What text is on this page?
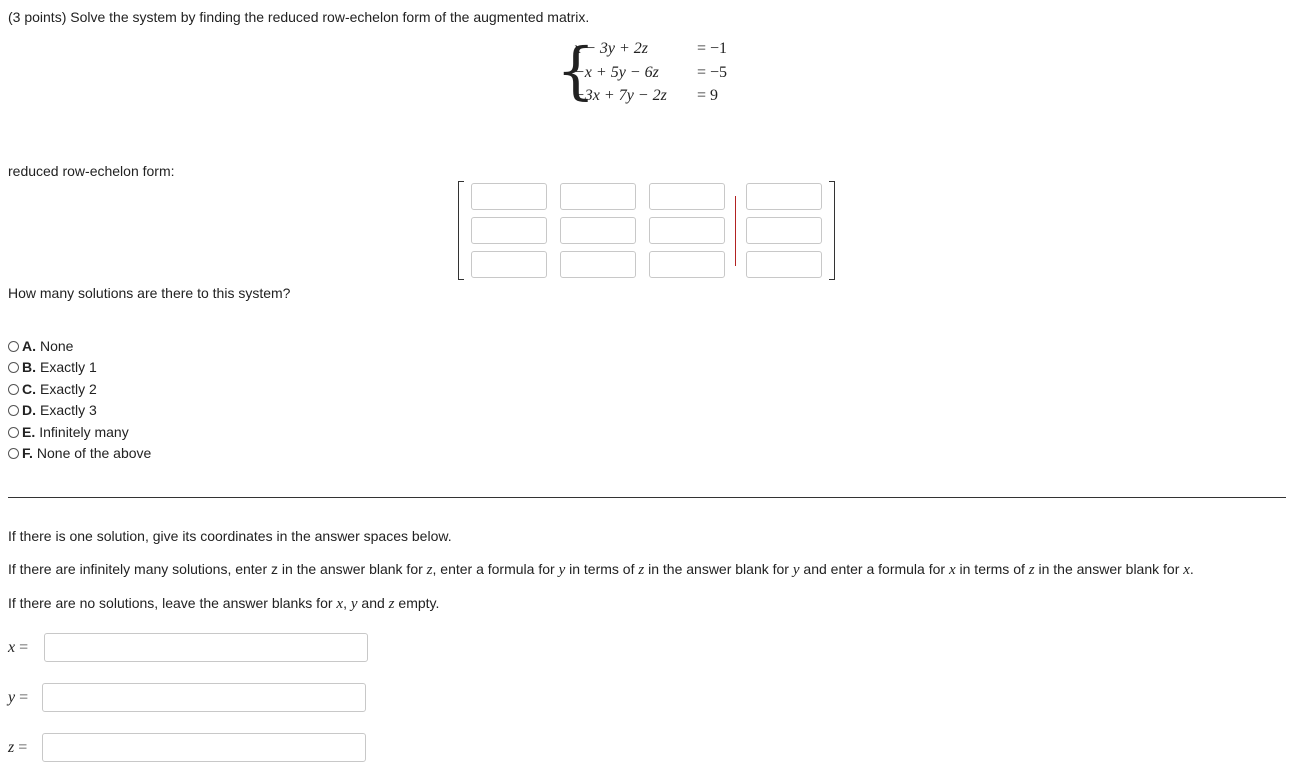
(3 points) Solve the system by finding the reduced row-echelon form of the augmented matrix.
{
x − 3y + 2z	= −1
−x + 5y − 6z = −5
−3x + 7y − 2z = 9
reduced row-echelon form:
How many solutions are there to this system?
A. None
B. Exactly 1
C. Exactly 2
D. Exactly 3
E. Infinitely many
F. None of the above
If there is one solution, give its coordinates in the answer spaces below.
If there are infinitely many solutions, enter z in the answer blank for z, enter a formula for y in terms of z in the answer blank for y and enter a formula for x in terms of z in the answer blank for x.
If there are no solutions, leave the answer blanks for x, y and z empty.
x =
y =
z =
